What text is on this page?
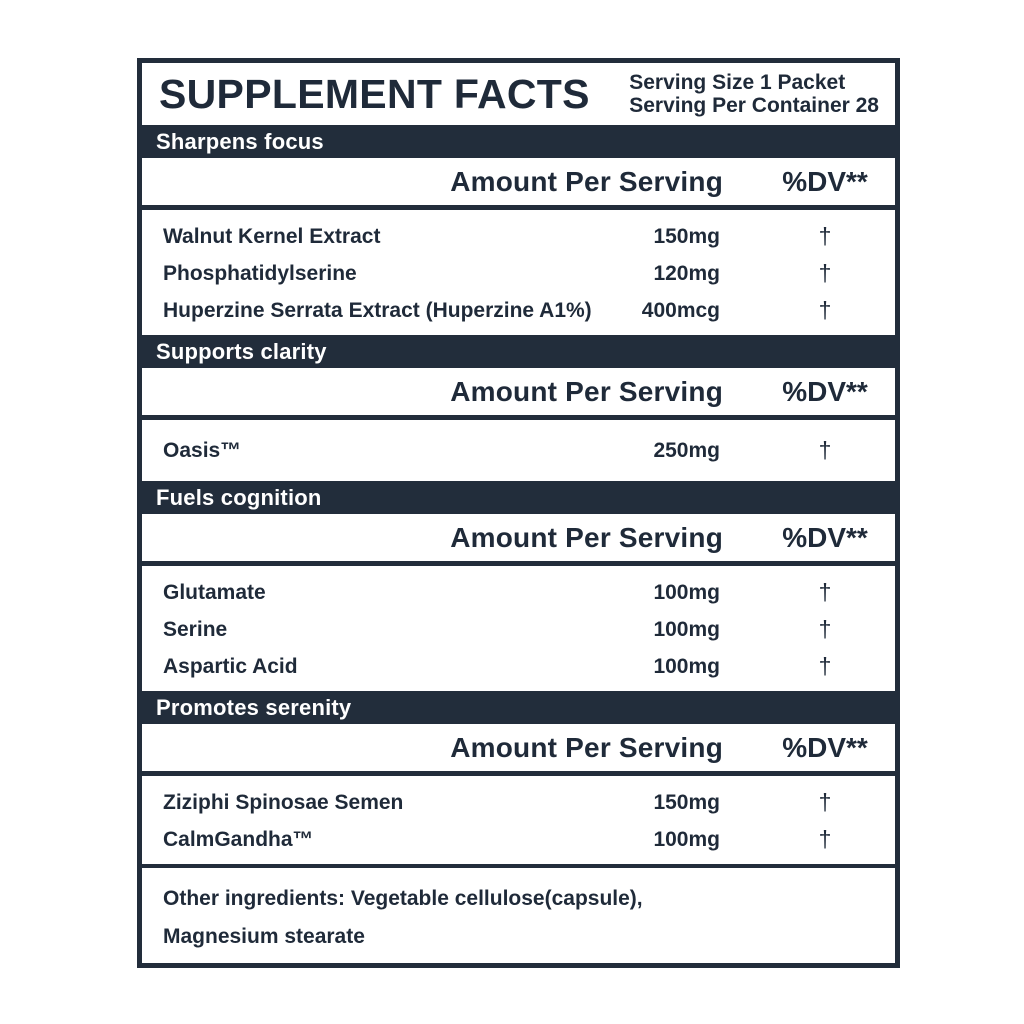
SUPPLEMENT FACTS Serving Size 1 Packet
Serving Per Container 28
Sharpens focus
Amount Per Serving	%DV**
Walnut Kernel Extract	150mg	†
Phosphatidylserine	120mg	†
Huperzine Serrata Extract (Huperzine A1%)	400mcg	†
Supports clarity
Amount Per Serving	%DV**
Oasis™	250mg	†
Fuels cognition
Amount Per Serving	%DV**
Glutamate	100mg	†
Serine	100mg	†
Aspartic Acid	100mg	†
Promotes serenity
Amount Per Serving	%DV**
Ziziphi Spinosae Semen	150mg	†
CalmGandha™	100mg	†
Other ingredients: Vegetable cellulose(capsule),
Magnesium stearate
